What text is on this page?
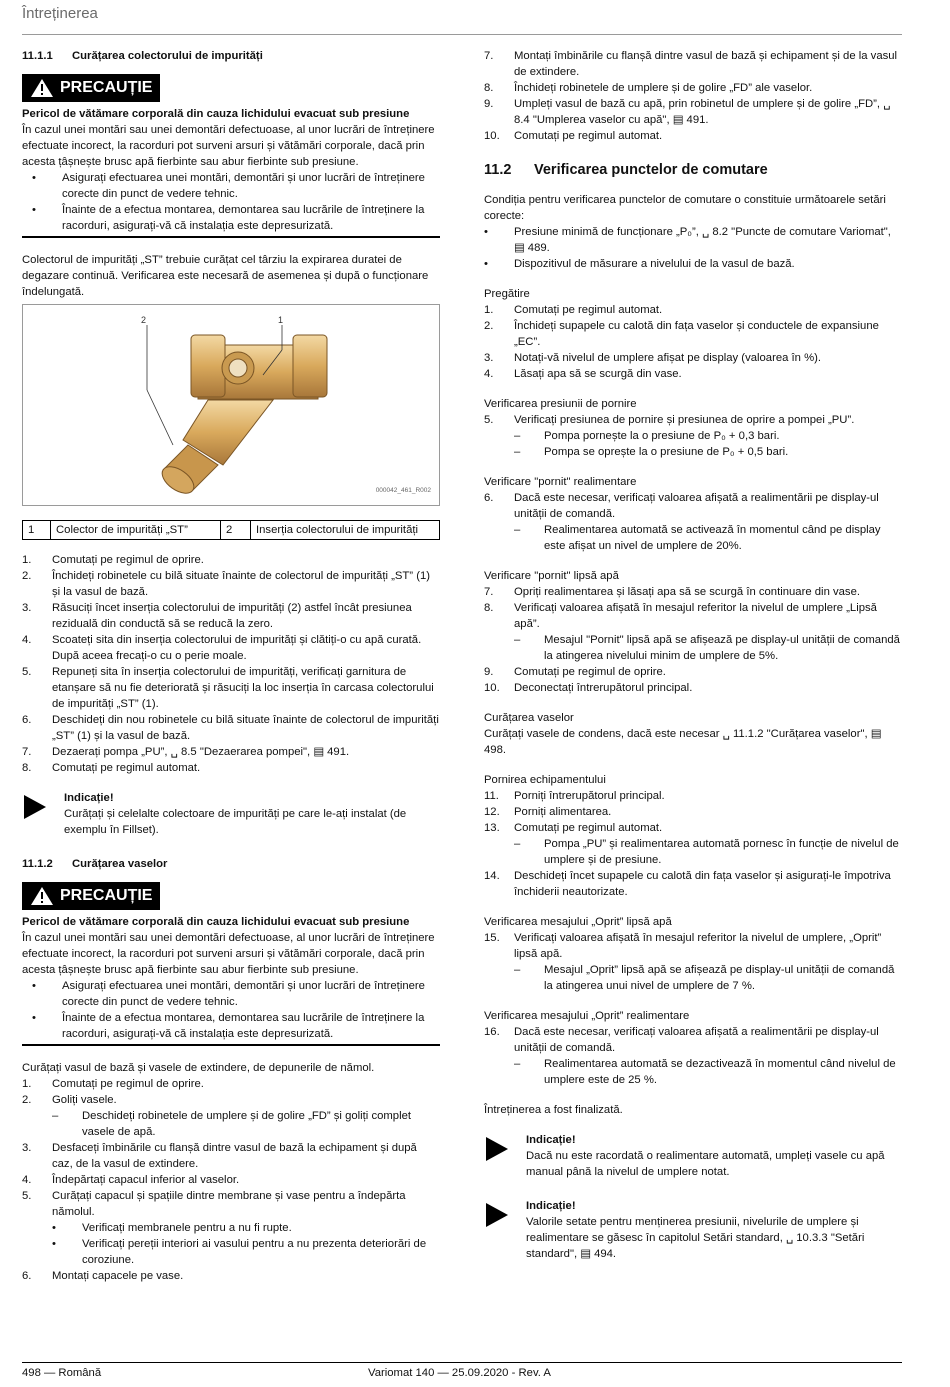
Întreținerea

11.1.1 Curățarea colectorului de impurități

PRECAUȚIE

Pericol de vătămare corporală din cauza lichidului evacuat sub presiune

În cazul unei montări sau unei demontări defectuoase, al unor lucrări de întreținere efectuate incorect, la racorduri pot surveni arsuri și vătămări corporale, dacă prin acesta țâșnește brusc apă fierbinte sau abur fierbinte sub presiune.

•	Asigurați efectuarea unei montări, demontări și unor lucrări de întreținere corecte din punct de vedere tehnic.
•	Înainte de a efectua montarea, demontarea sau lucrările de întreținere la racorduri, asigurați-vă că instalația este depresurizată.

Colectorul de impurități „ST” trebuie curățat cel târziu la expirarea duratei de degazare continuă. Verificarea este necesară de asemenea și după o funcționare îndelungată.

2	1
000042_461_R002
1	Colector de impurități „ST”	2	Inserția colectorului de impurități
1.	Comutați pe regimul de oprire.
2.	Închideți robinetele cu bilă situate înainte de colectorul de impurități „ST” (1) și la vasul de bază.
3.	Răsuciți încet inserția colectorului de impurități (2) astfel încât presiunea reziduală din conductă să se reducă la zero.
4.	Scoateți sita din inserția colectorului de impurități și clătiți-o cu apă curată. După aceea frecați-o cu o perie moale.
5.	Repuneți sita în inserția colectorului de impurități, verificați garnitura de etanșare să nu fie deteriorată și răsuciți la loc inserția în carcasa colectorului de impurități „ST” (1).
6.	Deschideți din nou robinetele cu bilă situate înainte de colectorul de impurități „ST” (1) și la vasul de bază.
7.	Dezaerați pompa „PU”, ␣ 8.5 "Dezaerarea pompei", ▤ 491.
8.	Comutați pe regimul automat.

Indicație!

Curățați și celelalte colectoare de impurități pe care le-ați instalat (de exemplu în Fillset).

11.1.2 Curățarea vaselor

PRECAUȚIE

Pericol de vătămare corporală din cauza lichidului evacuat sub presiune

În cazul unei montări sau unei demontări defectuoase, al unor lucrări de întreținere efectuate incorect, la racorduri pot surveni arsuri și vătămări corporale, dacă prin acesta țâșnește brusc apă fierbinte sau abur fierbinte sub presiune.

•	Asigurați efectuarea unei montări, demontări și unor lucrări de întreținere corecte din punct de vedere tehnic.
•	Înainte de a efectua montarea, demontarea sau lucrările de întreținere la racorduri, asigurați-vă că instalația este depresurizată.

Curățați vasul de bază și vasele de extindere, de depunerile de nămol.

1.	Comutați pe regimul de oprire.
2.	Goliți vasele.
–	Deschideți robinetele de umplere și de golire „FD” și goliți complet vasele de apă.
3.	Desfaceți îmbinările cu flanșă dintre vasul de bază la echipament și după caz, de la vasul de extindere.
4.	Îndepărtați capacul inferior al vaselor.
5.	Curățați capacul și spațiile dintre membrane și vase pentru a îndepărta nămolul.
•	Verificați membranele pentru a nu fi rupte.
•	Verificați pereții interiori ai vasului pentru a nu prezenta deteriorări de coroziune.
6.	Montați capacele pe vase.
7.	Montați îmbinările cu flanșă dintre vasul de bază și echipament și de la vasul de extindere.
8.	Închideți robinetele de umplere și de golire „FD” ale vaselor.
9.	Umpleți vasul de bază cu apă, prin robinetul de umplere și de golire „FD”, ␣ 8.4 "Umplerea vaselor cu apă", ▤ 491.
10.	Comutați pe regimul automat.

11.2 Verificarea punctelor de comutare

Condiția pentru verificarea punctelor de comutare o constituie următoarele setări corecte:

•	Presiune minimă de funcționare „P₀”, ␣ 8.2 "Puncte de comutare Variomat", ▤ 489.
•	Dispozitivul de măsurare a nivelului de la vasul de bază.

Pregătire

1.	Comutați pe regimul automat.
2.	Închideți supapele cu calotă din fața vaselor și conductele de expansiune „EC”.
3.	Notați-vă nivelul de umplere afișat pe display (valoarea în %).
4.	Lăsați apa să se scurgă din vase.

Verificarea presiunii de pornire

5.	Verificați presiunea de pornire și presiunea de oprire a pompei „PU”.
–	Pompa pornește la o presiune de P₀ + 0,3 bari.
–	Pompa se oprește la o presiune de P₀ + 0,5 bari.

Verificare "pornit" realimentare

6.	Dacă este necesar, verificați valoarea afișată a realimentării pe display-ul unității de comandă.
–	Realimentarea automată se activează în momentul când pe display este afișat un nivel de umplere de 20%.

Verificare "pornit" lipsă apă

7.	Opriți realimentarea și lăsați apa să se scurgă în continuare din vase.
8.	Verificați valoarea afișată în mesajul referitor la nivelul de umplere „Lipsă apă”.
–	Mesajul "Pornit" lipsă apă se afișează pe display-ul unității de comandă la atingerea nivelului minim de umplere de 5%.
9.	Comutați pe regimul de oprire.
10.	Deconectați întrerupătorul principal.

Curățarea vaselor

Curățați vasele de condens, dacă este necesar ␣ 11.1.2 "Curățarea vaselor", ▤ 498.

Pornirea echipamentului

11.	Porniți întrerupătorul principal.
12.	Porniți alimentarea.
13.	Comutați pe regimul automat.
–	Pompa „PU” și realimentarea automată pornesc în funcție de nivelul de umplere și de presiune.
14.	Deschideți încet supapele cu calotă din fața vaselor și asigurați-le împotriva închiderii neautorizate.

Verificarea mesajului „Oprit” lipsă apă

15.	Verificați valoarea afișată în mesajul referitor la nivelul de umplere, „Oprit” lipsă apă.
–	Mesajul „Oprit” lipsă apă se afișează pe display-ul unității de comandă la atingerea unui nivel de umplere de 7 %.

Verificarea mesajului „Oprit” realimentare

16.	Dacă este necesar, verificați valoarea afișată a realimentării pe display-ul unității de comandă.
–	Realimentarea automată se dezactivează în momentul când nivelul de umplere este de 25 %.

Întreținerea a fost finalizată.

Indicație!

Dacă nu este racordată o realimentare automată, umpleți vasele cu apă manual până la nivelul de umplere notat.

Indicație!

Valorile setate pentru menținerea presiunii, nivelurile de umplere și realimentare se găsesc în capitolul Setări standard, ␣ 10.3.3 "Setări standard", ▤ 494.

498 — Română	Variomat 140 — 25.09.2020 - Rev. A
